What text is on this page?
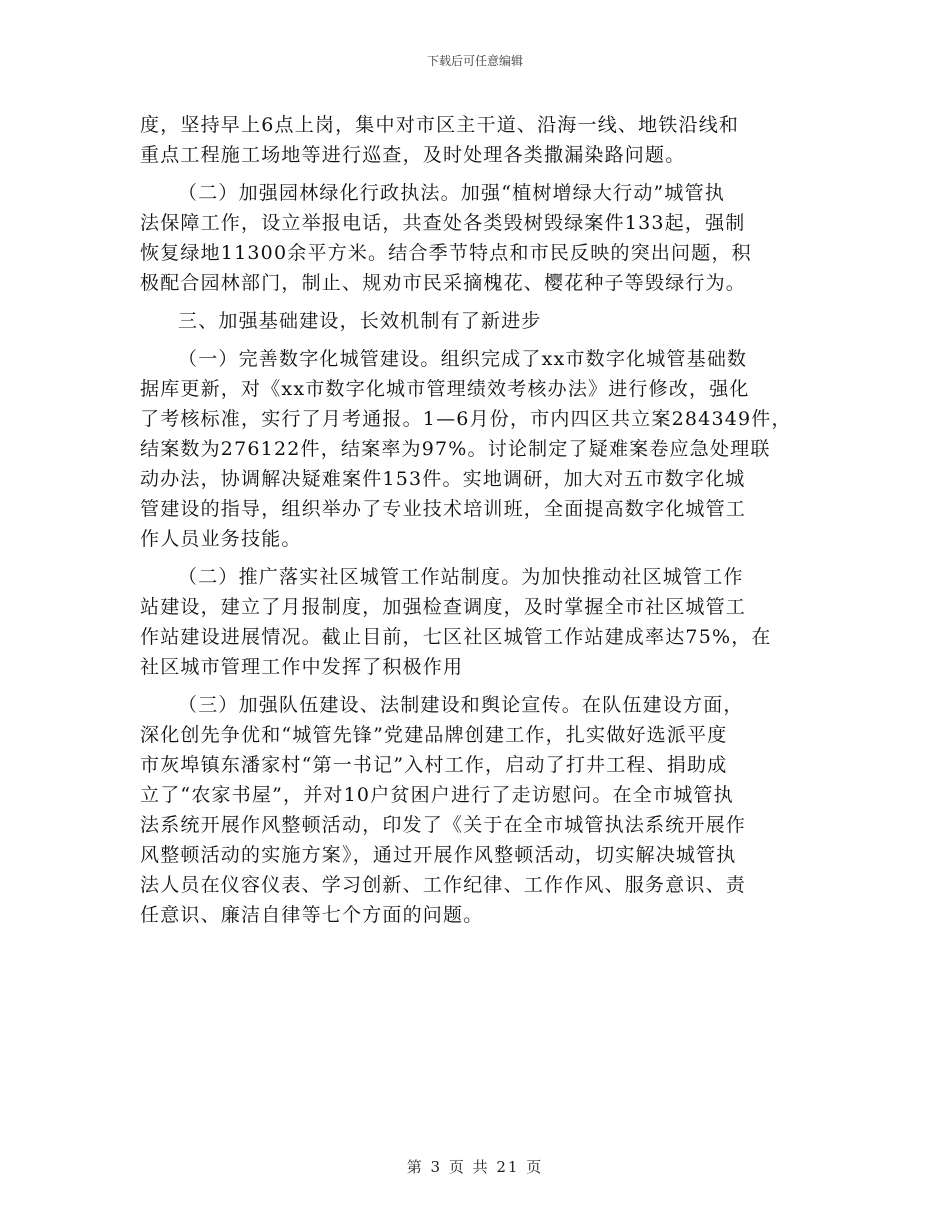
下载后可任意编辑
度，坚持早上6点上岗，集中对市区主干道、沿海一线、地铁沿线和
重点工程施工场地等进行巡查，及时处理各类撒漏染路问题。
（二）加强园林绿化行政执法。加强“植树增绿大行动”城管执
法保障工作，设立举报电话，共查处各类毁树毁绿案件133起，强制
恢复绿地11300余平方米。结合季节特点和市民反映的突出问题，积
极配合园林部门，制止、规劝市民采摘槐花、樱花种子等毁绿行为。
三、加强基础建设，长效机制有了新进步
（一）完善数字化城管建设。组织完成了xx市数字化城管基础数
据库更新，对《xx市数字化城市管理绩效考核办法》进行修改，强化
了考核标准，实行了月考通报。1—6月份，市内四区共立案284349件，
结案数为276122件，结案率为97%。讨论制定了疑难案卷应急处理联
动办法，协调解决疑难案件153件。实地调研，加大对五市数字化城
管建设的指导，组织举办了专业技术培训班，全面提高数字化城管工
作人员业务技能。
（二）推广落实社区城管工作站制度。为加快推动社区城管工作
站建设，建立了月报制度，加强检查调度，及时掌握全市社区城管工
作站建设进展情况。截止目前，七区社区城管工作站建成率达75%，在
社区城市管理工作中发挥了积极作用
（三）加强队伍建设、法制建设和舆论宣传。在队伍建设方面，
深化创先争优和“城管先锋”党建品牌创建工作，扎实做好选派平度
市灰埠镇东潘家村“第一书记”入村工作，启动了打井工程、捐助成
立了“农家书屋”，并对10户贫困户进行了走访慰问。在全市城管执
法系统开展作风整顿活动，印发了《关于在全市城管执法系统开展作
风整顿活动的实施方案》，通过开展作风整顿活动，切实解决城管执
法人员在仪容仪表、学习创新、工作纪律、工作作风、服务意识、责
任意识、廉洁自律等七个方面的问题。
第 3 页 共 21 页
